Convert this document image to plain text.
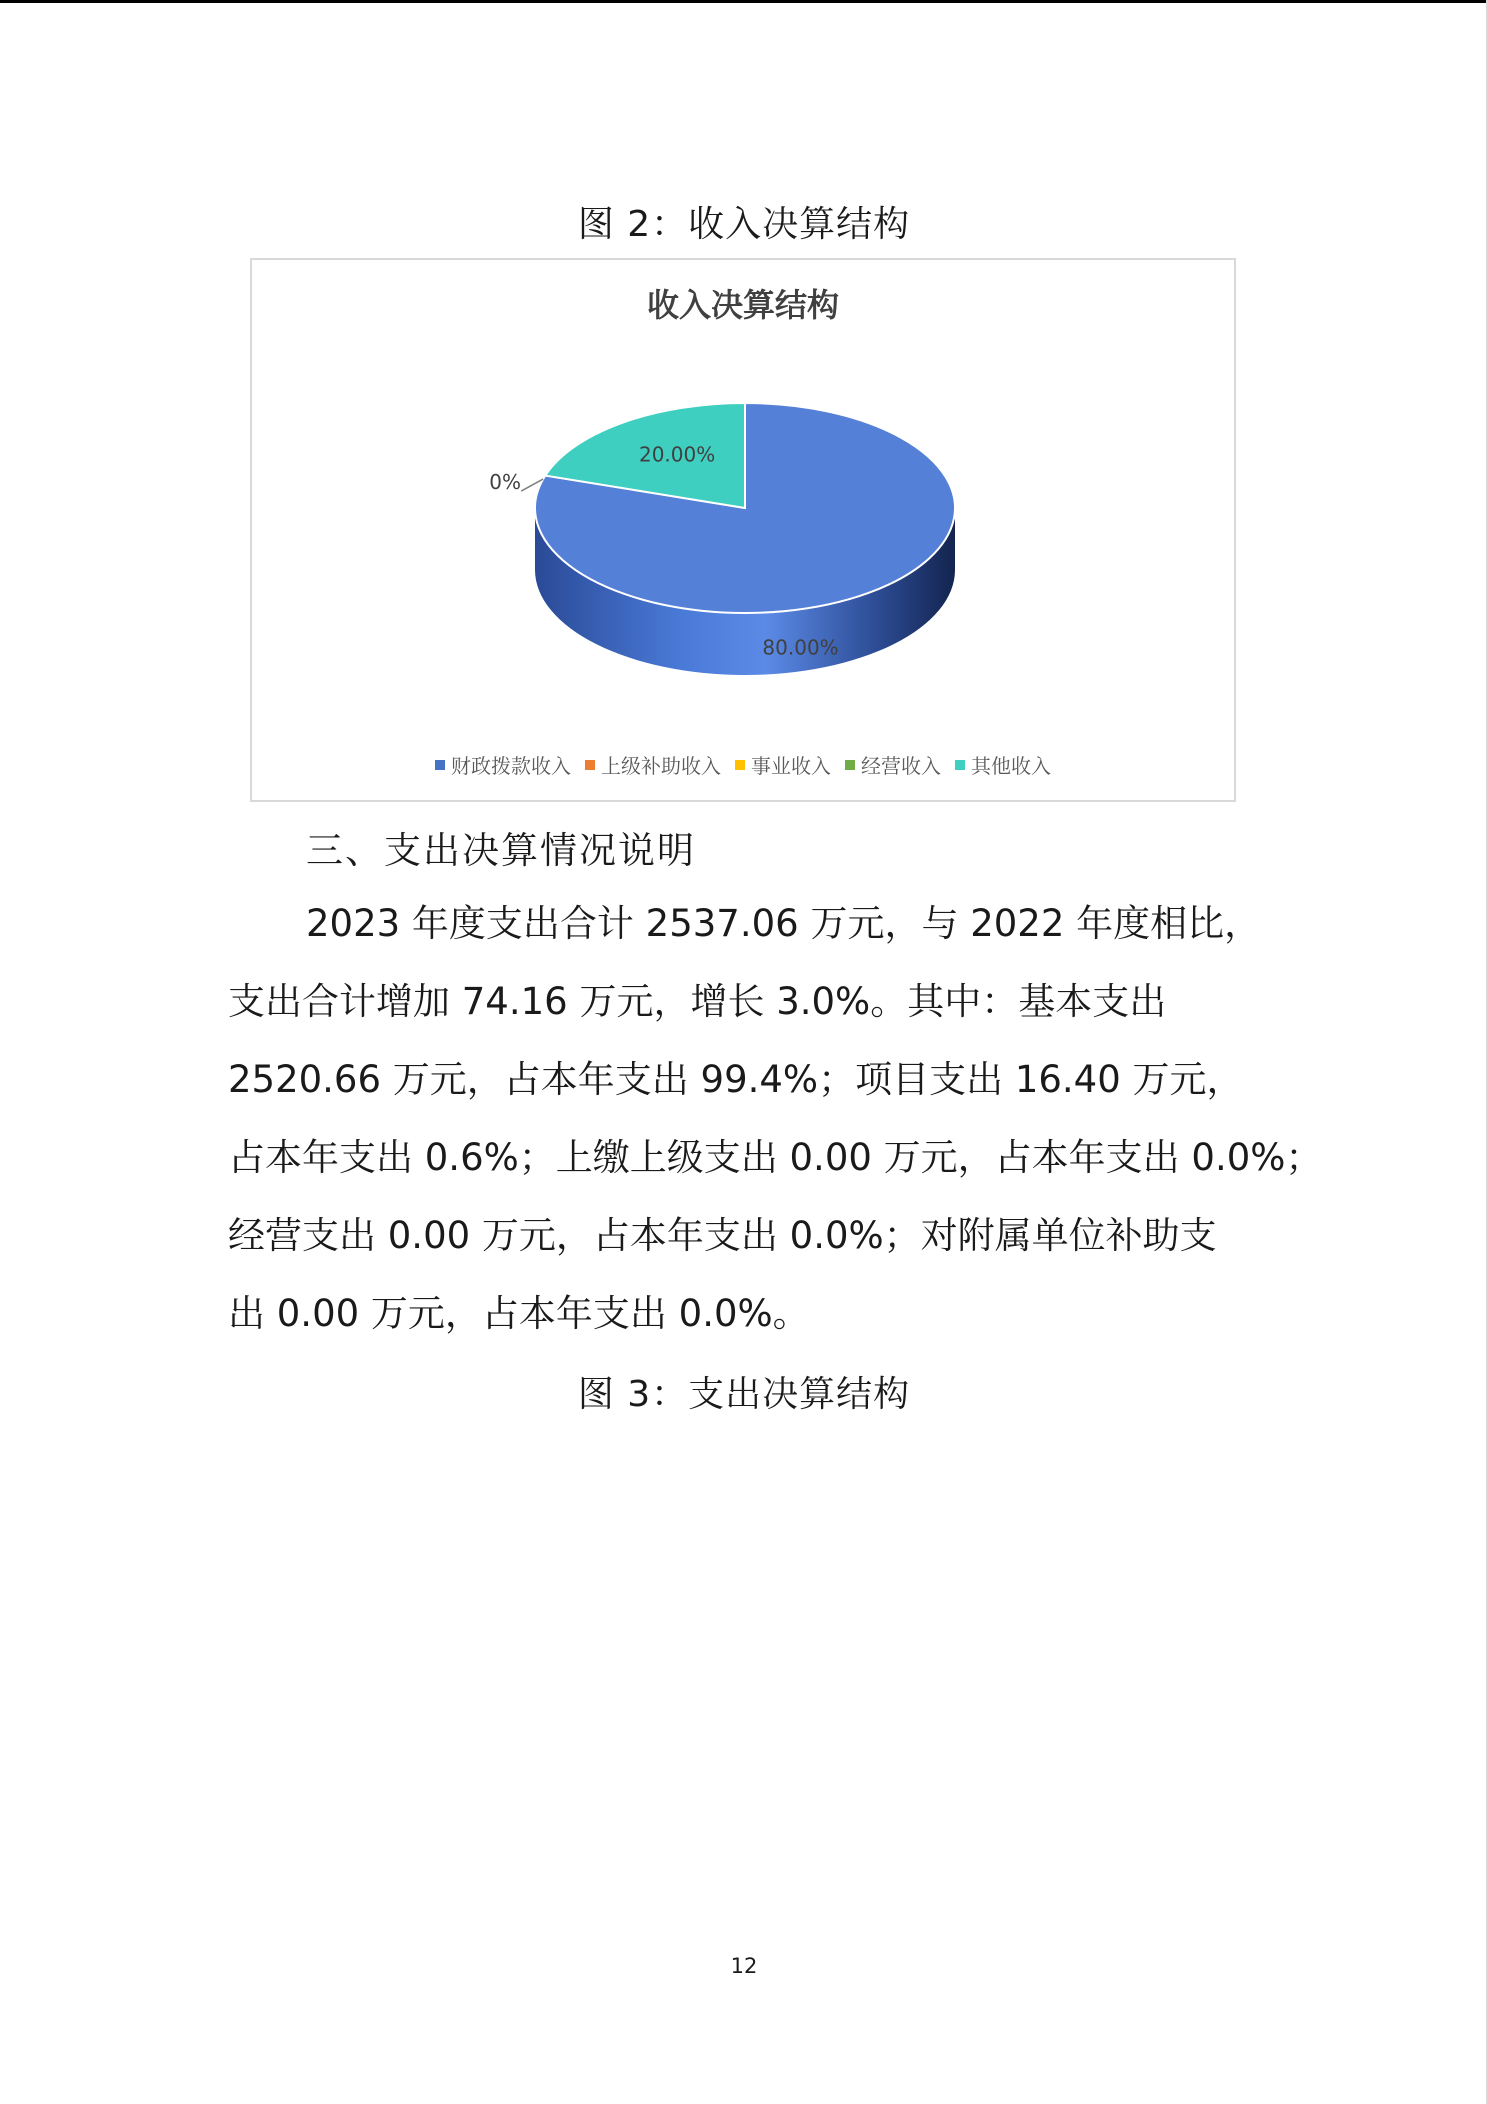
图 2：收入决算结构
收入决算结构
80.00%
0%
20.00%
财政拨款收入 上级补助收入 事业收入 经营收入 其他收入
三、支出决算情况说明
2023 年度支出合计 2537.06 万元，与 2022 年度相比，
支出合计增加 74.16 万元，增长 3.0%。其中：基本支出
2520.66 万元，占本年支出 99.4%；项目支出 16.40 万元，
占本年支出 0.6%；上缴上级支出 0.00 万元，占本年支出 0.0%；
经营支出 0.00 万元，占本年支出 0.0%；对附属单位补助支
出 0.00 万元，占本年支出 0.0%。
图 3：支出决算结构
12
